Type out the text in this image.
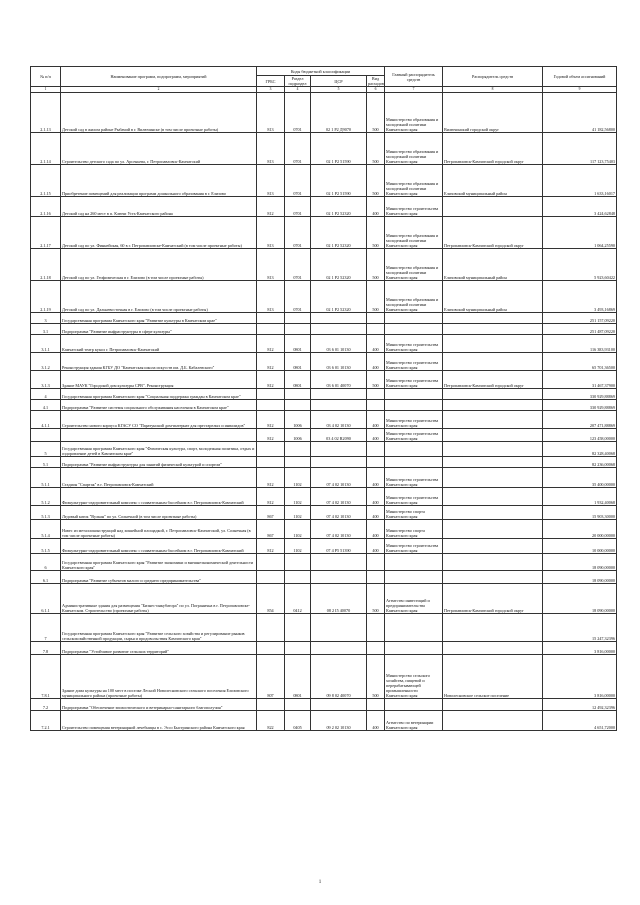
№ п/п	Наименование программ, подпрограмм, мероприятий	Коды бюджетной классификации				Главный распорядитель средств	Распорядитель средств	Годовой объем ассигнований
		ГРБС	Раздел подраздел	ЦСР	Вид расходов			
1	2	3	4	5	6	7	8	9
2.1.13	Детский сад в жилом районе Рыбачий в г. Вилючинске (в том числе проектные работы)	813	0701	02 1 Р2 Д9070	500	Министерство образования и молодежной политики Камчатского края	Вилючинский городской округ	41 182,56800
2.1.14	Строительство детского сада по ул. Арсеньева, г. Петропавловск-Камчатский	813	0701	02 1 Р2 51590	500	Министерство образования и молодежной политики Камчатского края	Петропавловск-Камчатский городской округ	117 123,75403
2.1.15	Приобретение помещений для реализации программ дошкольного образования в г. Елизово	813	0701	02 1 Р2 51590	500	Министерство образования и молодежной политики Камчатского края	Елизовский муниципальный район	1 633,16017
2.1.16	Детский сад на 260 мест в п. Ключи Усть-Камчатского района	812	0701	02 1 Р2 52320	400	Министерство строительства Камчатского края		3 424,62848
2.1.17	Детский сад по ул. Финнейская, 60 в г. Петропавловске-Камчатский (в том числе проектные работы)	813	0701	02 1 Р2 52320	500	Министерство образования и молодежной политики Камчатского края	Петропавловск-Камчатский городской округ	1 064,25590
2.1.18	Детский сад по ул. Геофизическая в г. Елизово (в том числе проектные работы)	813	0701	02 1 Р2 52320	500	Министерство образования и молодежной политики Камчатского края	Елизовский муниципальный район	5 923,60422
2.1.19	Детский сад по ул. Дальневосточная в г. Елизово (в том числе проектные работы)	813	0701	02 1 Р2 52320	500	Министерство образования и молодежной политики Камчатского края	Елизовский муниципальный район	3 493,16869
3	Государственная программа Камчатского края "Развитие культуры в Камчатском крае"							251 157,09220
3.1	Подпрограмма "Развитие инфраструктуры в сфере культуры"							251 487,09220
3.1.1	Камчатский театр кукол г. Петропавловск-Камчатский	812	0801	03 6 01 10130	400	Министерство строительства Камчатского края		116 383,93100
3.1.2	Реконструкция здания КГБУ ДО "Камчатская школа искусств им. Д.Б. Кабалевского"	812	0801	03 6 01 10130	400	Министерство строительства Камчатского края		65 701,36500
3.1.3	Здание МАУК "Городской дом культуры СРВ". Реконструкция	812	0801	03 6 01 40070	500	Министерство строительства Камчатского края	Петропавловск-Камчатский городской округ	31 467,37900
4	Государственная программа Камчатского края "Социальная поддержка граждан в Камчатском крае"							330 929,88869
4.1	Подпрограмма "Развитие системы социального обслуживания населения в Камчатском крае"							330 929,88869
4.1.1	Строительство нового корпуса КГАСУ СО "Паратунский дом-интернат для престарелых и инвалидов"	812	1006	03 4 02 10130	400	Министерство строительства Камчатского края		207 471,88869
		812	1006	03 4 02 R2090	400	Министерство строительства Камчатского края		123 458,00000
5	Государственная программа Камчатского края "Физическая культура, спорт, молодежная политика, отдых и оздоровление детей в Камчатском крае"							82 328,40068
5.1	Подпрограмма "Развитие инфраструктуры для занятий физической культурой и спортом"							82 236,00068
5.1.1	Стадион "Спартак" в г. Петропавловск-Камчатский	812	1102	07 4 02 10130	400	Министерство строительства Камчатского края		35 400,00000
5.1.2	Физкультурно-оздоровительный комплекс с плавательным бассейном в г. Петропавловск-Камчатский	812	1102	07 4 02 10130	400	Министерство строительства Камчатского края		1 932,40068
5.1.3	Ледовый каток "Вулкан" по ул. Солнечной (в том числе проектные работы)	867	1102	07 4 02 10130	400	Министерство спорта Камчатского края		15 903,30000
5.1.4	Навес из металлоконструкций над хоккейной площадкой, г. Петропавловск-Камчатский, ул. Солнечная (в том числе проектные работы)	867	1102	07 4 02 10130	400	Министерство спорта Камчатского края		20 000,00000
5.1.5	Физкультурно-оздоровительный комплекс с плавательным бассейном в г. Петропавловск-Камчатский	812	1102	07 4 P5 51390	400	Министерство строительства Камчатского края		10 000,00000
6	Государственная программа Камчатского края "Развитие экономики и внешнеэкономической деятельности Камчатского края"							18 090,00000
6.1	Подпрограмма "Развитие субъектов малого и среднего предпринимательства"							18 090,00000
6.1.1	Административные здания для размещения "Бизнес-инкубатора" по ул. Погранична в г. Петропавловске-Камчатском. Строительство (проектные работы)	854	0412	08 2 I5 40070	500	Агентство инвестиций и предпринимательства Камчатского края	Петропавловск-Камчатский городской округ	18 090,00000
7	Государственная программа Камчатского края "Развитие сельского хозяйства и регулирование рынков сельскохозяйственной продукции, сырья и продовольствия Камчатского края"							15 247,32396
7.8	Подпрограмма "Устойчивое развитие сельских территорий"							3 816,00000
7.8.1	Здание дома культуры на 100 мест в поселке Лесной Новолесновского сельского поселения Елизовского муниципального района (проектные работы)	807	0801	09 8 02 40070	500	Министерство сельского хозяйства, пищевой и перерабатывающей промышленности Камчатского края	Новолесновское сельское поселение	3 816,00000
7.2	Подпрограмма "Обеспечение эпизоотического и ветеринарно-санитарного благополучия"							12 492,32396
7.2.1	Строительство помещения ветеринарной лечебницы в с. Эссо Быстринского района Камчатского края	822	0405	09 2 02 10130	400	Агентство по ветеринарии Камчатского края		4 651,72000
1
